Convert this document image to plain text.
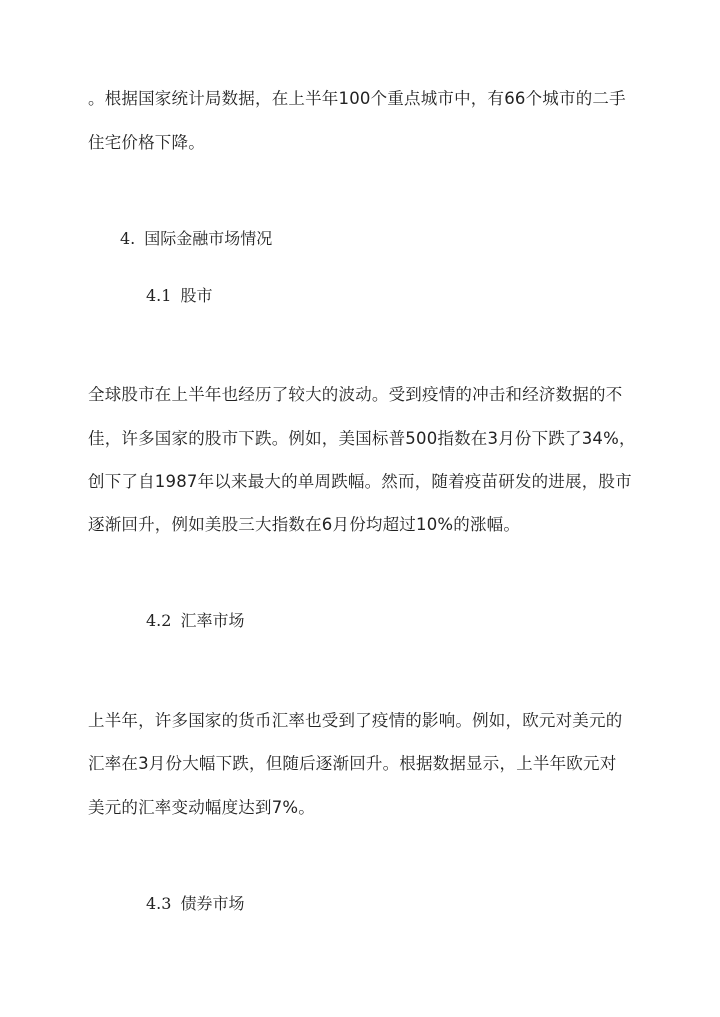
。根据国家统计局数据，在上半年100个重点城市中，有66个城市的二手
住宅价格下降。
4. 国际金融市场情况
4.1 股市
全球股市在上半年也经历了较大的波动。受到疫情的冲击和经济数据的不
佳，许多国家的股市下跌。例如，美国标普500指数在3月份下跌了34%，
创下了自1987年以来最大的单周跌幅。然而，随着疫苗研发的进展，股市
逐渐回升，例如美股三大指数在6月份均超过10%的涨幅。
4.2 汇率市场
上半年，许多国家的货币汇率也受到了疫情的影响。例如，欧元对美元的
汇率在3月份大幅下跌，但随后逐渐回升。根据数据显示，上半年欧元对
美元的汇率变动幅度达到7%。
4.3 债券市场
